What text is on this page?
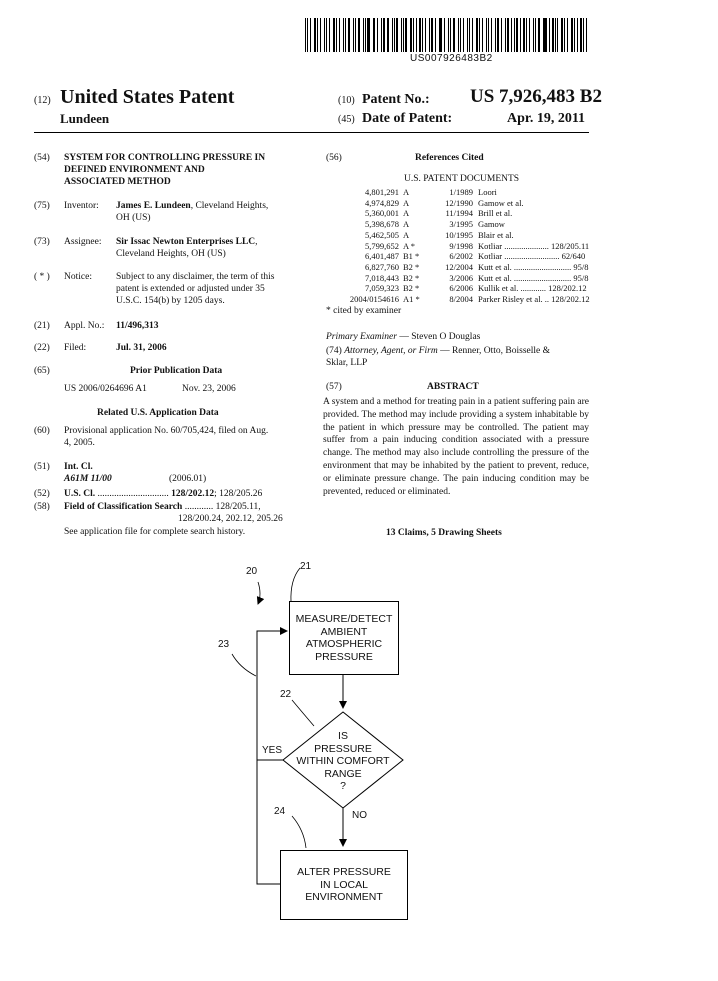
US007926483B2
(12) United States Patent
Lundeen
(10) Patent No.: US 7,926,483 B2
(45) Date of Patent:	Apr. 19, 2011
(54) SYSTEM FOR CONTROLLING PRESSURE IN
DEFINED ENVIRONMENT AND
ASSOCIATED METHOD
(75) Inventor: James E. Lundeen, Cleveland Heights,
OH (US)
(73) Assignee: Sir Issac Newton Enterprises LLC,
Cleveland Heights, OH (US)
( * ) Notice:	Subject to any disclaimer, the term of this
patent is extended or adjusted under 35
U.S.C. 154(b) by 1205 days.
(21) Appl. No.: 11/496,313
(22) Filed:	Jul. 31, 2006
(65)	Prior Publication Data
US 2006/0264696 A1	Nov. 23, 2006
Related U.S. Application Data
(60) Provisional application No. 60/705,424, filed on Aug.
4, 2005.
(51) Int. Cl.
A61M 11/00	(2006.01)
(52) U.S. Cl. .............................. 128/202.12; 128/205.26
(58) Field of Classification Search ............ 128/205.11,
128/200.24, 202.12, 205.26
See application file for complete search history.
(56)	References Cited
U.S. PATENT DOCUMENTS
4,801,291 A	1/1989 Loori
4,974,829 A	12/1990 Gamow et al.
5,360,001 A	11/1994 Brill et al.
5,398,678 A	3/1995 Gamow
5,462,505 A	10/1995 Blair et al.
5,799,652 A *	9/1998 Kotliar ..................... 128/205.11
6,401,487 B1 *	6/2002 Kotliar .......................... 62/640
6,827,760 B2 *	12/2004 Kutt et al. ........................... 95/8
7,018,443 B2 *	3/2006 Kutt et al. ........................... 95/8
7,059,323 B2 *	6/2006 Kullik et al. ............ 128/202.12
2004/0154616 A1 *	8/2004 Parker Risley et al. .. 128/202.12
* cited by examiner
Primary Examiner — Steven O Douglas
(74) Attorney, Agent, or Firm — Renner, Otto, Boisselle &
Sklar, LLP
(57)	ABSTRACT
A system and a method for treating pain in a patient suffering pain are provided. The method may include providing a system inhabitable by the patient in which pressure may be controlled. The patient may suffer from a pain inducing condition associated with a pressure change. The method may also include controlling the pressure of the environment that may be inhabited by the patient to prevent, reduce, or eliminate pressure change. The pain inducing condition may be prevented, reduced or eliminated.
13 Claims, 5 Drawing Sheets
20	21
23
22
24
YES
NO
MEASURE/DETECT
AMBIENT
ATMOSPHERIC
PRESSURE
IS
PRESSURE
WITHIN COMFORT
RANGE
?
ALTER PRESSURE
IN LOCAL
ENVIRONMENT
